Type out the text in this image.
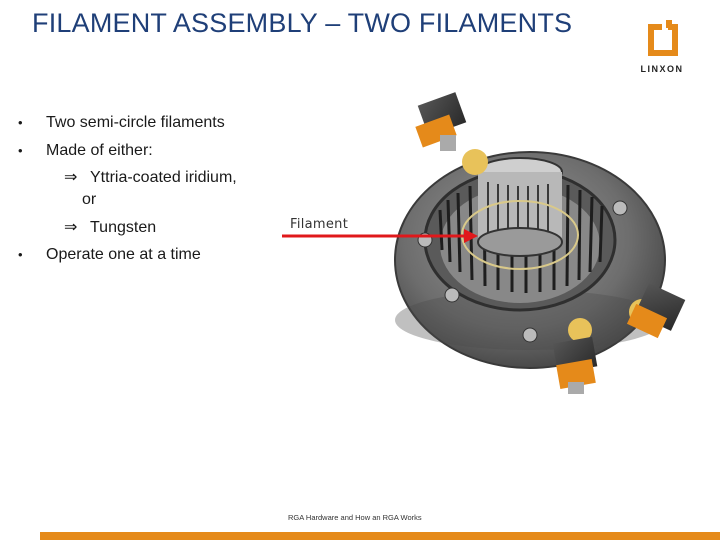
FILAMENT ASSEMBLY – TWO FILAMENTS
LINXON
• Two semi-circle filaments
• Made of either:
⇒ Yttria-coated iridium,
or
⇒ Tungsten
• Operate one at a time
Filament
RGA Hardware and How an RGA Works
